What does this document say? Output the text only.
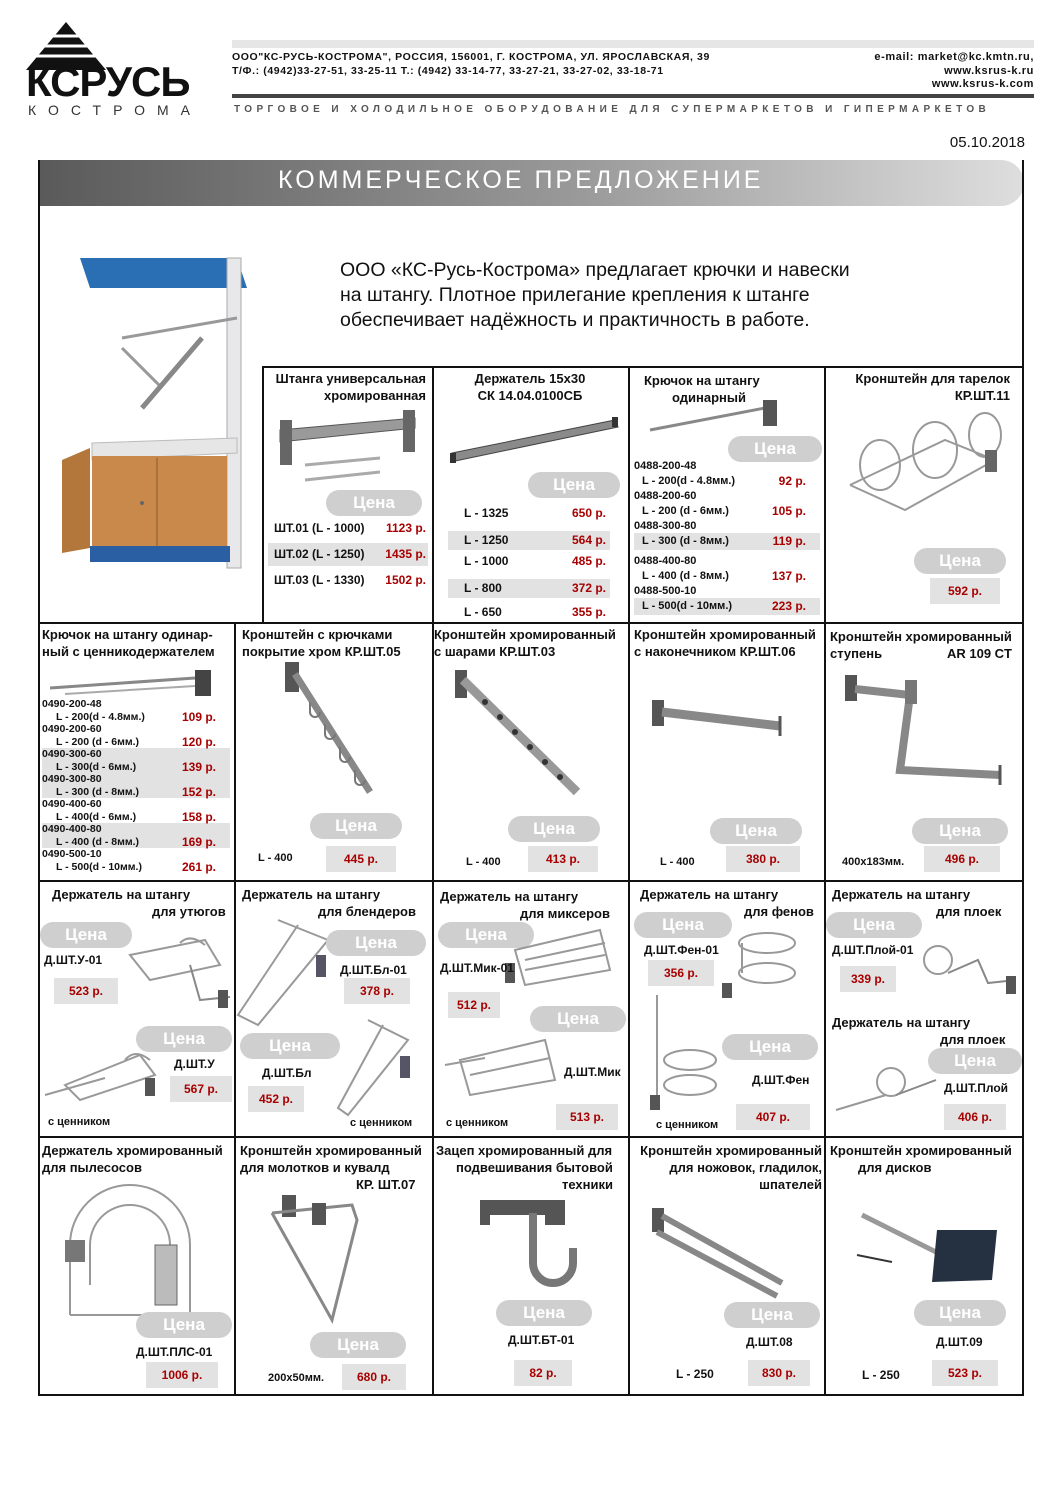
КСРУСЬ
КОСТРОМА
ООО"КС-РУСЬ-КОСТРОМА", РОССИЯ, 156001, Г. КОСТРОМА, УЛ. ЯРОСЛАВСКАЯ, 39
Т/Ф.: (4942)33-27-51, 33-25-11 Т.: (4942) 33-14-77, 33-27-21, 33-27-02, 33-18-71
e-mail: market@kc.kmtn.ru,
www.ksrus-k.ru
www.ksrus-k.com
ТОРГОВОЕ И ХОЛОДИЛЬНОЕ ОБОРУДОВАНИЕ ДЛЯ СУПЕРМАРКЕТОВ И ГИПЕРМАРКЕТОВ
05.10.2018
КОММЕРЧЕСКОЕ ПРЕДЛОЖЕНИЕ
ООО «КС-Русь-Кострома» предлагает крючки и навески
на штангу. Плотное прилегание крепления к штанге
обеспечивает надёжность и практичность в работе.
Штанга универсальная
хромированная
Цена
ШТ.01 (L - 1000) 1123 р.
ШТ.02 (L - 1250) 1435 р.
ШТ.03 (L - 1330) 1502 р.
Держатель 15х30
СК 14.04.0100СБ
Цена
L - 1325	650 р.
L - 1250	564 р.
L - 1000	485 р.
L - 800	372 р.
L - 650	355 р.
Крючок на штангу
одинарный
Цена
0488-200-48
L - 200(d - 4.8мм.)	92 р.
0488-200-60
L - 200 (d - 6мм.)	105 р.
0488-300-80
L - 300 (d - 8мм.)	119 р.
0488-400-80
L - 400 (d - 8мм.)	137 р.
0488-500-10
L - 500(d - 10мм.)	223 р.
Кронштейн для тарелок
КР.ШТ.11
Цена
592 р.
Крючок на штангу одинар-
ный с ценникодержателем
0490-200-48
L - 200(d - 4.8мм.)	109 р.
0490-200-60
L - 200 (d - 6мм.)	120 р.
0490-300-60
L - 300(d - 6мм.)	139 р.
0490-300-80
L - 300 (d - 8мм.)	152 р.
0490-400-60
L - 400(d - 6мм.)	158 р.
0490-400-80
L - 400 (d - 8мм.)	169 р.
0490-500-10
L - 500(d - 10мм.)	261 р.
Кронштейн с крючками
покрытие хром КР.ШТ.05
Цена
L - 400	445 р.
Кронштейн хромированный
с шарами КР.ШТ.03
Цена
L - 400	413 р.
Кронштейн хромированный
с наконечником КР.ШТ.06
Цена
L - 400	380 р.
Кронштейн хромированный
ступень	AR 109 CT
Цена
400х183мм.	496 р.
Держатель на штангу
для утюгов
Цена
Д.ШТ.У-01
523 р.
Цена
Д.ШТ.У
567 р.
с ценником
Держатель на штангу
для блендеров
Цена
Д.ШТ.Бл-01
378 р.
Цена
Д.ШТ.Бл
452 р.
с ценником
Держатель на штангу
для миксеров
Цена
Д.ШТ.Мик-01
512 р.
Цена
Д.ШТ.Мик
с ценником	513 р.
Держатель на штангу
для фенов
Цена
Д.ШТ.Фен-01
356 р.
Цена
Д.ШТ.Фен
407 р.
с ценником
Держатель на штангу
для плоек
Цена
Д.ШТ.Плой-01
339 р.
Держатель на штангу
для плоек
Цена
Д.ШТ.Плой
406 р.
Держатель хромированный
для пылесосов
Цена
Д.ШТ.ПЛС-01
1006 р.
Кронштейн хромированный
для молотков и кувалд
КР. ШТ.07
Цена
200х50мм.	680 р.
Зацеп хромированный для
подвешивания бытовой
техники
Цена
Д.ШТ.БТ-01
82 р.
Кронштейн хромированный
для ножовок, гладилок,
шпателей
Цена
Д.ШТ.08
L - 250	830 р.
Кронштейн хромированный
для дисков
Цена
Д.ШТ.09
L - 250	523 р.
